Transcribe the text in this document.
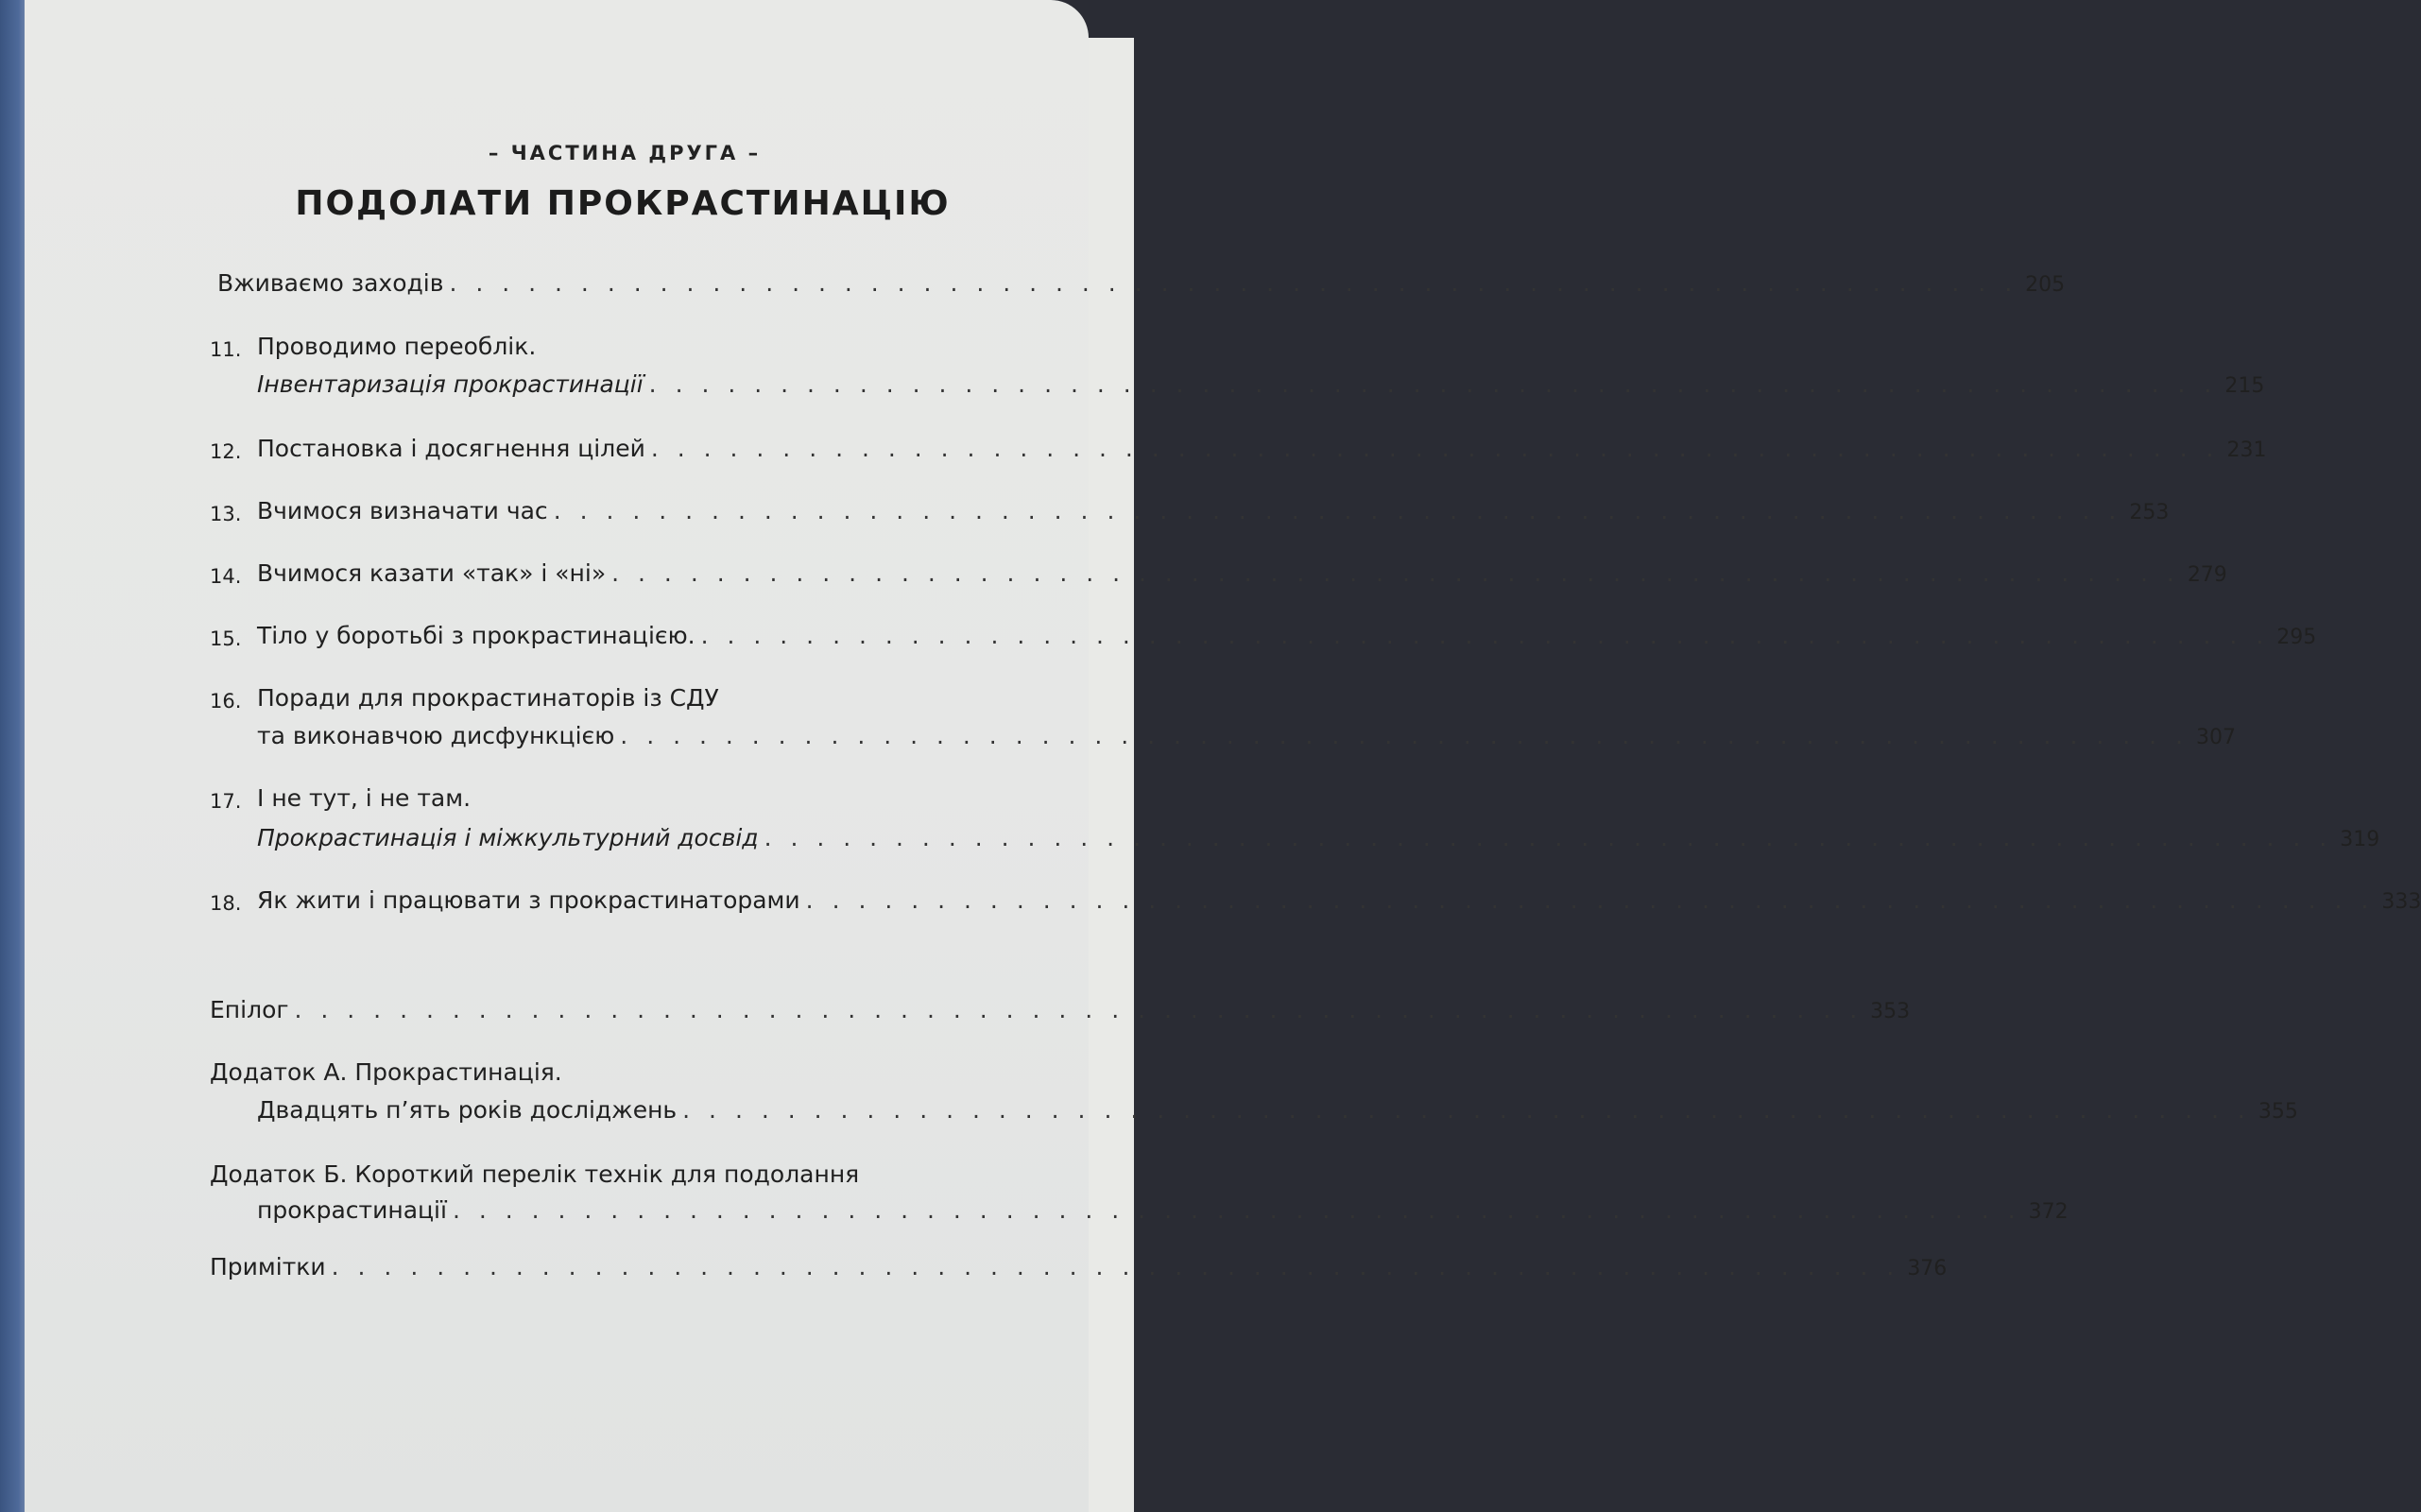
– ЧАСТИНА ДРУГА –
ПОДОЛАТИ ПРОКРАСТИНАЦІЮ
Вживаємо заходів . . . . . . . . . . . . . . . . . . . . . . . . . . . . . . . . . . . . . . . . . . . . . . . . . . . . . . . . . . . . 205
11. Проводимо переоблік.
Інвентаризація прокрастинації . . . . . . . . . . . . . . . . . . . . . . . . . . . . . . . . . . . . . . . . . . . . . . . . . . . . . . . . . . . . 215
12. Постановка і досягнення цілей . . . . . . . . . . . . . . . . . . . . . . . . . . . . . . . . . . . . . . . . . . . . . . . . . . . . . . . . . . . . 231
13. Вчимося визначати час . . . . . . . . . . . . . . . . . . . . . . . . . . . . . . . . . . . . . . . . . . . . . . . . . . . . . . . . . . . . 253
14. Вчимося казати «так» і «ні» . . . . . . . . . . . . . . . . . . . . . . . . . . . . . . . . . . . . . . . . . . . . . . . . . . . . . . . . . . . . 279
15. Тіло у боротьбі з прокрастинацією. . . . . . . . . . . . . . . . . . . . . . . . . . . . . . . . . . . . . . . . . . . . . . . . . . . . . . . . . . . . . 295
16. Поради для прокрастинаторів із СДУ
та виконавчою дисфункцією . . . . . . . . . . . . . . . . . . . . . . . . . . . . . . . . . . . . . . . . . . . . . . . . . . . . . . . . . . . . 307
17. І не тут, і не там.
Прокрастинація і міжкультурний досвід . . . . . . . . . . . . . . . . . . . . . . . . . . . . . . . . . . . . . . . . . . . . . . . . . . . . . . . . . . . . 319
18. Як жити і працювати з прокрастинаторами . . . . . . . . . . . . . . . . . . . . . . . . . . . . . . . . . . . . . . . . . . . . . . . . . . . . . . . . . . . . 333
Епілог . . . . . . . . . . . . . . . . . . . . . . . . . . . . . . . . . . . . . . . . . . . . . . . . . . . . . . . . . . . . 353
Додаток А. Прокрастинація.
Двадцять п’ять років досліджень . . . . . . . . . . . . . . . . . . . . . . . . . . . . . . . . . . . . . . . . . . . . . . . . . . . . . . . . . . . . 355
Додаток Б. Короткий перелік технік для подолання
прокрастинації . . . . . . . . . . . . . . . . . . . . . . . . . . . . . . . . . . . . . . . . . . . . . . . . . . . . . . . . . . . . 372
Примітки . . . . . . . . . . . . . . . . . . . . . . . . . . . . . . . . . . . . . . . . . . . . . . . . . . . . . . . . . . . . 376
